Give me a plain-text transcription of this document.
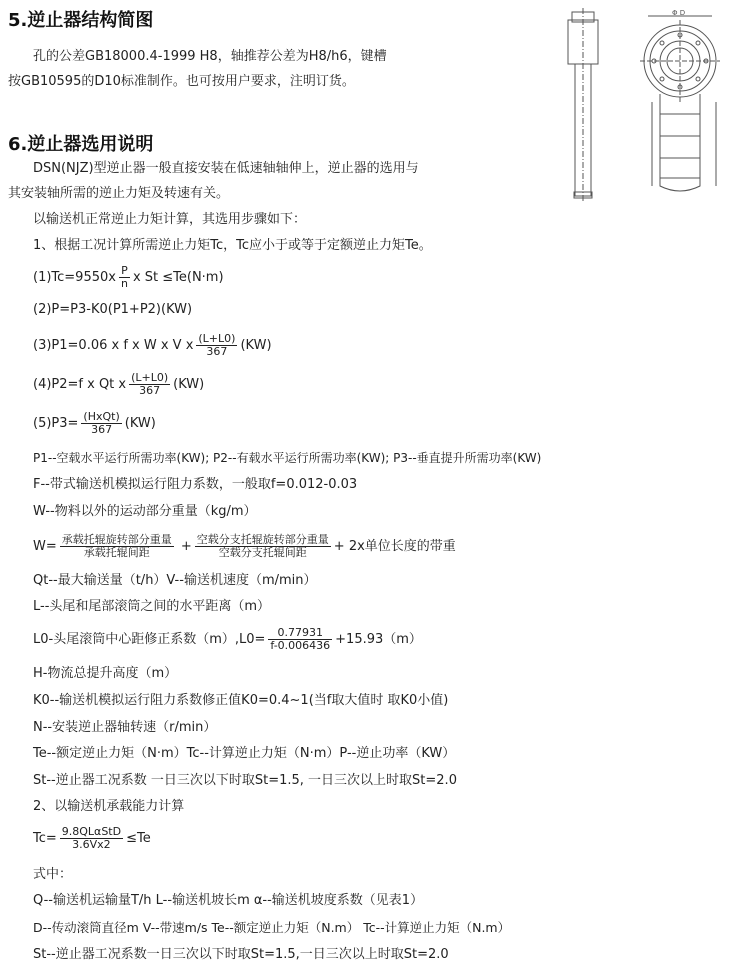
5.逆止器结构简图
孔的公差GB18000.4-1999 H8，轴推荐公差为H8/h6，键槽
按GB10595的D10标准制作。也可按用户要求，注明订货。
Φ D
6.逆止器选用说明
DSN(NJZ)型逆止器一般直接安装在低速轴轴伸上，逆止器的选用与
其安装轴所需的逆止力矩及转速有关。
以输送机正常逆止力矩计算，其选用步骤如下：
1、根据工况计算所需逆止力矩Tc，Tc应小于或等于定额逆止力矩Te。
$(1)Tc=9550x \frac{P}{n}$ x St ≤Te(N·m)
(2)P=P3-K0(P1+P2)(KW)
(3)P1=0.06 x f x W x V x $\frac{(L+L0)}{367} (KW)$
(4)P2=f x Qt x $\frac{(L+L0)}{367} (KW)$
$(5)P3= \frac{\text{(HxQt)}}{367} (KW)$
P1--空载水平运行所需功率(KW); P2--有载水平运行所需功率(KW); P3--垂直提升所需功率(KW)
F--带式输送机模拟运行阻力系数，一般取f=0.012-0.03
W--物料以外的运动部分重量（kg/m）
$W= \frac{\text{承载托辊旋转部分重量}}{\text{承载托辊间距}} + \frac{\text{空载分支托辊旋转部分重量}}{\text{空载分支托辊间距}} + 2x$单位长度的带重
Qt--最大输送量（t/h）V--输送机速度（m/min）
L--头尾和尾部滚筒之间的水平距离（m）
L0-头尾滚筒中心距修正系数$(m),L0= \frac{0.77931}{f-0.006436} +15.93(m)$
H-物流总提升高度（m）
K0--输送机模拟运行阻力系数修正值K0=0.4~1(当f取大值时 取K0小值)
N--安装逆止器轴转速（r/min）
Te--额定逆止力矩（N·m）Tc--计算逆止力矩（N·m）P--逆止功率（KW）
St--逆止器工况系数 一日三次以下时取St=1.5, 一日三次以上时取St=2.0
2、以输送机承载能力计算
$Tc= \frac{\text{9.8QLαStD}}{3.6Vx2} \le Te$
式中：
Q--输送机运输量T/h L--输送机坡长m α--输送机坡度系数（见表1）
D--传动滚筒直径m V--带速m/s Te--额定逆止力矩（N.m） Tc--计算逆止力矩（N.m）
St--逆止器工况系数一日三次以下时取St=1.5,一日三次以上时取St=2.0
